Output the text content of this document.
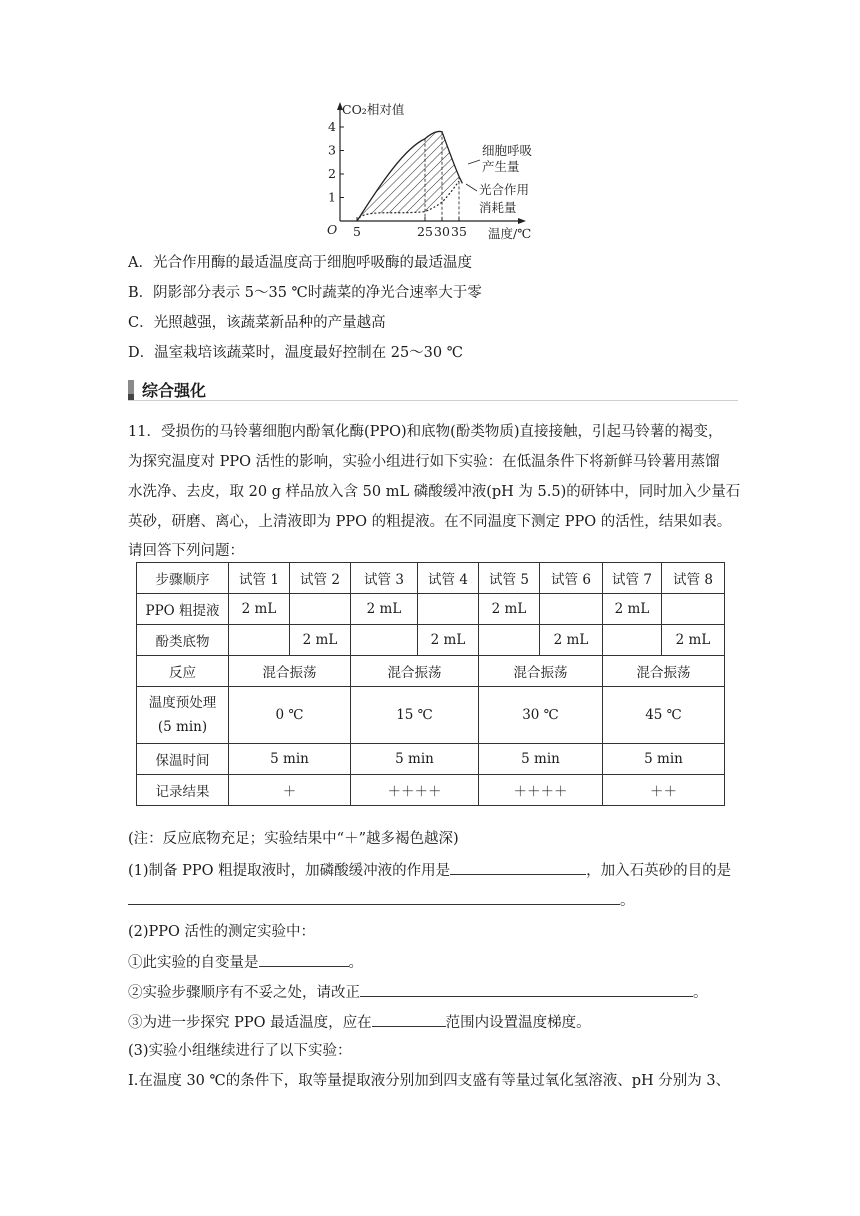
1
2
3
4
5	25 30 35
CO₂相对值
温度/℃
O
细胞呼吸
产生量
光合作用
消耗量
A．光合作用酶的最适温度高于细胞呼吸酶的最适温度
B．阴影部分表示 5～35 ℃时蔬菜的净光合速率大于零
C．光照越强，该蔬菜新品种的产量越高
D．温室栽培该蔬菜时，温度最好控制在 25～30 ℃
综合强化
11．受损伤的马铃薯细胞内酚氧化酶(PPO)和底物(酚类物质)直接接触，引起马铃薯的褐变，
为探究温度对 PPO 活性的影响，实验小组进行如下实验：在低温条件下将新鲜马铃薯用蒸馏
水洗净、去皮，取 20 g 样品放入含 50 mL 磷酸缓冲液(pH 为 5.5)的研钵中，同时加入少量石
英砂，研磨、离心，上清液即为 PPO 的粗提液。在不同温度下测定 PPO 的活性，结果如表。
请回答下列问题：
步骤顺序	试管 1	试管 2	试管 3	试管 4	试管 5	试管 6	试管 7	试管 8
PPO 粗提液	2 mL		2 mL		2 mL		2 mL	
酚类底物		2 mL		2 mL		2 mL		2 mL
反应	混合振荡		混合振荡		混合振荡		混合振荡	

温度预处理
(5 min)	0 ℃		15 ℃		30 ℃		45 ℃	
保温时间	5 min		5 min		5 min		5 min	
记录结果	＋		＋＋＋＋		＋＋＋＋		＋＋	
(注：反应底物充足；实验结果中“＋”越多褐色越深)
(1)制备 PPO 粗提取液时，加磷酸缓冲液的作用是	，加入石英砂的目的是
。
(2)PPO 活性的测定实验中：
①此实验的自变量是	。
②实验步骤顺序有不妥之处，请改正	。
③为进一步探究 PPO 最适温度，应在	范围内设置温度梯度。
(3)实验小组继续进行了以下实验：
Ⅰ.在温度 30 ℃的条件下，取等量提取液分别加到四支盛有等量过氧化氢溶液、pH 分别为 3、
